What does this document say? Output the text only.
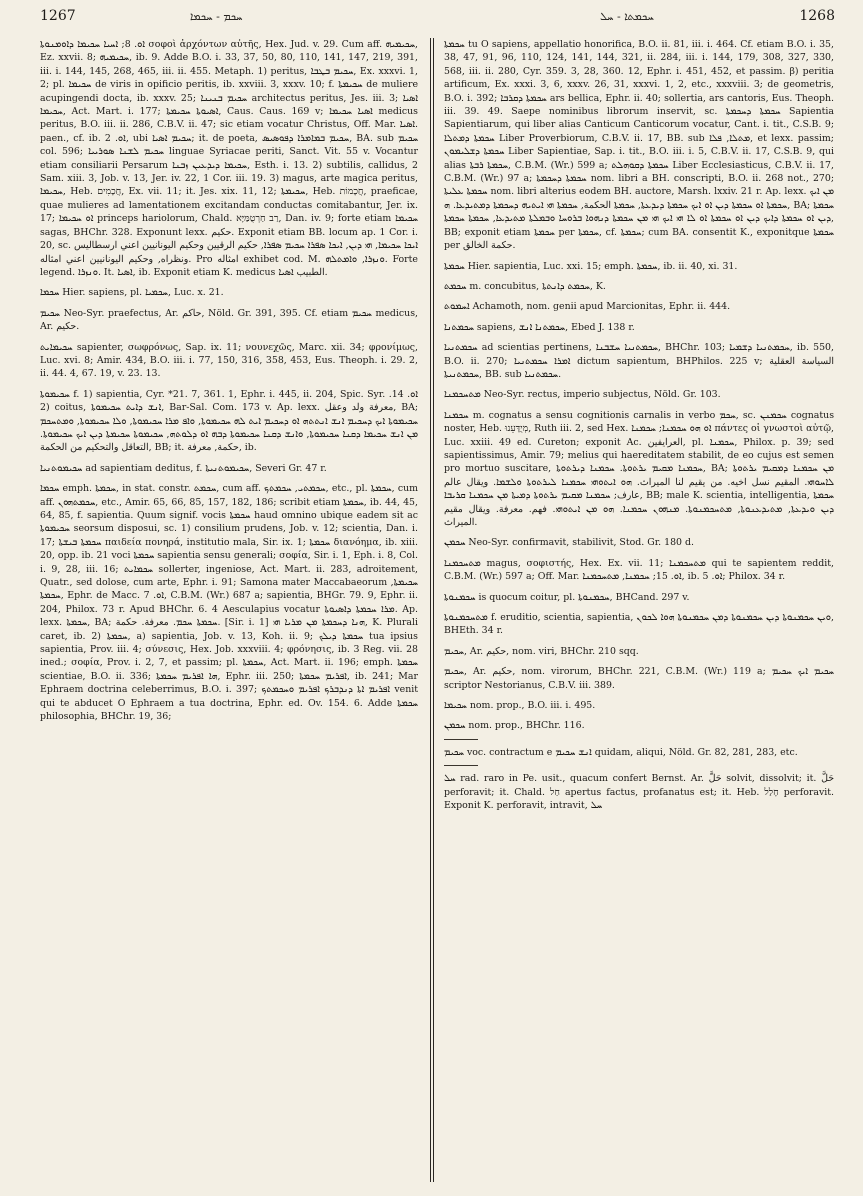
1267	ܚܟܡ - ܚܟܡܐ	ܚܟܡܬܐ - ܚܠ	1268

ܐܘ. 8; ܐܚܝܐ ܚܟܝܡܐ ܕܐܘܡܢܘܬܐ σοφοὶ ἀρχόντων αὐτῆς, Hex. Jud. v. 29. Cum aff. ܚܟܝܡܝܗ, Ez. xxvii. 8; ܚܟܝܡܝܗ, ib. 9. Adde B.O. i. 33, 37, 50, 80, 110, 141, 147, 219, 391, iii. i. 144, 145, 268, 465, iii. ii. 455. Metaph. 1) peritus, ܚܟܝܡ ܒܛܒܐ, Ex. xxxvi. 1, 2; pl. ܚܟܝܡܐ de viris in opificio peritis, ib. xxviii. 3, xxxv. 10; f. ܚܟܝܡܬܐ de muliere acupingendi docta, ib. xxxv. 25; ܚܟܝܡ ܒܢܝܢܐ architectus peritus, Jes. iii. 3; ܐܣܝܐ ܚܟܝܡܐ, Act. Mart. i. 177; ܐܣܝܘܬܐ ܚܟܝܡܬܐ, Caus. Caus. 169 v; ܐܣܝܐ ܚܟܝܡܐ medicus peritus, B.O. iii. ii. 286, C.B.V. ii. 47; sic etiam vocatur Christus, Off. Mar. ܐܣܝܐ. paen., cf. ib. ܐܘ. 2, ubi ܚܟܝܡ ܐܣܝܐ; it. de poeta, ܚܟܝܡ ܒܡܐܡܪܐ ܕܦܘܣܝܣ, BA. sub ܚܟܝܡ col. 596; ܚܟܝܡ ܠܫܢܐ ܣܘܪܝܝܐ linguae Syriacae periti, Sanct. Vit. 55 v. Vocantur etiam consiliarii Persarum ܚܟܝܡܐ ܕܝܕܥܝܢ ܙܒܢܐ, Esth. i. 13. 2) subtilis, callidus, 2 Sam. xiii. 3, Job. v. 13, Jer. iv. 22, 1 Cor. iii. 19. 3) magus, arte magica peritus, ܚܟܝܡܐ, Heb. חֲכָמִים, Ex. vii. 11; it. Jes. xix. 11, 12; ܚܟܝܡܬܐ, Heb. חֲכָמוֹת, praeficae, quae mulieres ad lamentationem excitandam conductas comitabantur, Jer. ix. 17; ܐܘ ܚܟܝܡܐ princeps hariolorum, Chald. רַב חַרְטֻמַּיָּא, Dan. iv. 9; forte etiam ܚܟܝܡܐ sagas, BHChr. 328. Exponunt lexx. حكيم. Exponit etiam BB. locum ap. 1 Cor. i. 20, sc. ܐܝܟܐ ܚܟܝܡܐ, ܗܝ ܕܝܢ, ܐܝܟܐ ܣܦܪܐ ܚܟܝܡ ܣܦܪܐ, حكيم الرقيين وحكيم اليونانيين اعني ارسطاليس ونظراه, وحكيم اليونانيين اعني امثاله. Pro امثاله exhibet cod. M. ܘܢܙܪܐ, ܘܐܡܬܠܗ. Forte legend. ܘܢܙܪܐ. It. ܐܣܝܐ, ib. Exponit etiam K. medicus الطبيب ܐܣܝܐ.

ܚܟܡܐ Hier. sapiens, pl. ܚܟܡܝܐ, Luc. x. 21.

ܚܟܝܡ Neo-Syr. praefectus, Ar. حاكم, Nöld. Gr. 391, 395. Cf. etiam ܚܟܝܡ medicus, Ar. حكيم.

ܚܟܝܡܐܝܬ sapienter, σωφρόνως, Sap. ix. 11; νουνεχῶς, Marc. xii. 34; φρονίμως, Luc. xvi. 8; Amir. 434, B.O. iii. i. 77, 150, 316, 358, 453, Eus. Theoph. i. 29. 2, ii. 44. 4, 67. 19, v. 23. 13.

ܚܟܝܡܘܬܐ f. 1) sapientia, Cyr. *21. 7, 361. 1, Ephr. i. 445, ii. 204, Spic. Syr. ܐܘ. 14. 2) coitus, ܐܢܫ ܕܐܝܬ ܚܟܝܡܘܬܐ, Bar-Sal. Com. 173 v. Ap. lexx. معرفة ولد وعقل, BA; ܚܟܝܡܘܬܐ ܐܝܟ ܕܚܟܝܡ ܐܢܫ ܐܢܬܬܗ ܐܘ ܕܚܟܝܡ ܐܝܬ ܠܗ ܚܟܝܡܘܬܐ, ܘܐܦ ܡܪܐ ܚܟܝܡܘܬܐ, ܘܠܐ ܚܟܝܡܘܬܐ, ܘܡܬܚܟܡ ܡܢ ܐܢܫ ܚܟܝܡܐ ܕܩܢܐ ܚܟܝܡܘܬܐ, ܘܐܢܫ ܕܩܢܐ ܚܟܝܡܘܬܐ ܕܒܗ ܐܘ ܕܠܘܬܗ, ܚܟܝܡܘܬܐ ܚܟܝܡܬܐ ܕܝܢ ܐܝܟ ܚܟܝܡܘܬܐ. التعاقل والتحكيم من الحكمة, BB; it. حكمة, معرفة, ib.

ܚܟܝܡܘܬܢܝܐ ad sapientiam deditus, f. ܚܟܝܡܘܬܢܝܬܐ, Severi Gr. 47 r.

ܚܟܡܐ emph. ܚܟܡܬܐ, in stat. constr. ܚܟܡܬ, cum aff. ܚܟܡܬܝ, ܚܟܡܬܟ, etc., pl. ܚܟܡܬܐ, cum aff. ܚܟܡܬܗܘܢ, etc., Amir. 65, 66, 85, 157, 182, 186; scribit etiam ܚܟܡܬܐ, ib. 44, 45, 64, 85, f. sapientia. Quum signif. vocis ܚܟܡܬܐ haud omnino ubique eadem sit ac ܚܟܝܡܘܬܐ seorsum disposui, sc. 1) consilium prudens, Job. v. 12; scientia, Dan. i. 17; ܚܟܡܬܐ ܒܝܫܬܐ παιδεία πονηρά, institutio mala, Sir. ix. 1; ܚܟܡܬܐ διανόημα, ib. xiii. 20, opp. ib. 21 voci ܚܟܡܬܐ sapientia sensu generali; σοφία, Sir. i. 1, Eph. i. 8, Col. i. 9, 28, iii. 16; ܚܟܡܐܝܬ sollerter, ingeniose, Act. Mart. ii. 283, adroitement, Quatr., sed dolose, cum arte, Ephr. i. 91; Samona mater Maccabaeorum ܚܟܝܡܬܐ, ܚܟܡܬܐ, Ephr. de Macc. ܐܘ. 7, C.B.M. (Wr.) 687 a; sapientia, BHGr. 79. 9, Ephr. ii. 204, Philox. 73 r. Apud BHChr. 6. 4 Aesculapius vocatur ܡܪܐ ܚܟܡܬܐ ܕܐܣܝܘܬܐ. Ap. lexx. ܚܟܡܬܐ, BA; ܚܟܡܬܐ ܚܟܡ. معرفة. حكمة. [Sir. i. 1] ܗܢܐ ܕܚܟܡܬܐ ܡܢ ܡܪܝܐ ܗܝ, K. Plurali caret, ib. 2) ܚܟܡܬܐ, a) sapientia, Job. v. 13, Koh. ii. 9; ܚܟܡܬܐ ܕܝܠܟ tua ipsius sapientia, Prov. iii. 4; σύνεσις, Hex. Job. xxxviii. 4; φρόνησις, ib. 3 Reg. vii. 28 ined.; σοφία, Prov. i. 2, 7, et passim; pl. ܚܟܡܬܐ, Act. Mart. ii. 196; emph. ܚܟܡܬܐ scientiae, B.O. ii. 336; ܗܐ ܐܦܪܝܡ ܚܟܡܬܐ, Ephr. iii. 250; ܐܦܪܝܡ ܚܟܡܬܐ, ib. 241; Mar Ephraem doctrina celeberrimus, B.O. i. 397; ܐܦܪܝܡ ܐܬܐ ܕܢܕܒܪܟ ܐܦܪܝܡ ܘܚܟܡܬܟ venit qui te abducet O Ephraem a tua doctrina, Ephr. ed. Ov. 154. 6. Adde ܚܟܡܬܐ philosophia, BHChr. 19, 36;

ܚܟܡܬܐ tu O sapiens, appellatio honorifica, B.O. ii. 81, iii. i. 464. Cf. etiam B.O. i. 35, 38, 47, 91, 96, 110, 124, 141, 144, 321, ii. 284, iii. i. 144, 179, 308, 327, 330, 568, iii. ii. 280, Cyr. 359. 3, 28, 360. 12, Ephr. i. 451, 452, et passim. β) peritia artificum, Ex. xxxi. 3, 6, xxxv. 26, 31, xxxvi. 1, 2, etc., xxxviii. 3; de geometris, B.O. i. 392; ܚܟܡܬܐ ܕܩܪܒܐ ars bellica, Ephr. ii. 40; sollertia, ars cantoris, Eus. Theoph. iii. 39. 49. Saepe nominibus librorum inservit, sc. ܚܟܡܬܐ ܕܚܟܡܬܐ Sapientia Sapientiarum, qui liber alias Canticum Canticorum vocatur, Cant. i. tit., C.S.B. 9; ܚܟܡܬܐ ܕܡܬܠܐ Liber Proverbiorum, C.B.V. ii. 17, BB. sub ܡܬܠܐ, ܦܠܐ, et lexx. passim; ܚܟܡܬܐ ܕܫܠܝܡܘܢ Liber Sapientiae, Sap. i. tit., B.O. iii. i. 5, C.B.V. ii. 17, C.S.B. 9, qui alias ܚܟܡܬܐ ܪܒܬܐ, C.B.M. (Wr.) 599 a; ܚܟܡܬܐ ܕܩܘܗܠܬ Liber Ecclesiasticus, C.B.V. ii. 17, C.B.M. (Wr.) 97 a; ܚܟܡܬܐ ܕܚܟܡܬܐ nom. libri a BH. conscripti, B.O. ii. 268 not., 270; ܚܟܡܬܐ ܥܠܝܬܐ nom. libri alterius eodem BH. auctore, Marsh. lxxiv. 21 r. Ap. lexx. ܡܢ ܐܝܟ ܚܟܡܬܐ ܐܘ ܚܟܡܬܐ ܕܝܢ ܐܘ ܐܝܟ ܚܟܡܬܐ ܕܝܕܥܬܐ, ܚܟܡܬܐ الحكمة, ܚܟܡܬܐ ܗܝ ܐܝܬܝܗ ܕܚܟܡܬܐ ܕܡܬܝܕܥܐ. ܗ, BA; ܚܟܡܬܐ ܕܝܢ ܐܘ ܚܟܡܬܐ ܕܐܝܟ ܕܝܢ ܐܘ ܚܟܡܬܐ ܐܘ ܠܐ ܗܝ ܐܝܟ ܗܝ ܡܢ ܚܟܡܬܐ ܕܢܗܘܐ ܒܪܘܚܐ ܘܒܡܠܬܐ ܡܬܝܕܥܐ, ܚܟܡܬܐ ܚܟܡܬܐ, BB; exponit etiam ܚܟܡܬܐ per ܚܟܡܬܐ, cf. ܚܟܡܬܐ; cum BA. consentit K., exponitque ܚܟܡܬܐ per حكمة الخالق.

ܚܟܡܬܐ Hier. sapientia, Luc. xxi. 15; emph. ܚܟܡܬܐ, ib. ii. 40, xi. 31.

ܚܟܡܬ m. concubitus, ܚܟܡܬ ܕܐܢܬܬܐ, K.

ܐܚܡܘܬ Achamoth, nom. genii apud Marcionitas, Ephr. ii. 444.

ܚܟܡܬܢܐ sapiens, ܚܟܡܬܢܐ ܐܢܫ, Ebed J. 138 r.

ܚܟܡܬܢܝܐ ad scientias pertinens, ܚܟܡܬܢܝܐ ܚܫܒܢܐ, BHChr. 103; ܚܟܡܬܢܝܐ ܕܫܡܝܐ, ib. 550, B.O. ii. 270; ܐܡܪܐ ܚܟܡܬܢܝܐ dictum sapientum, BHPhilos. 225 v; السياسة العقلية ܚܟܡܬܢܝܬܐ, BB. sub ܚܟܡܬܢܝܐ.

ܡܬܚܟܡܢܐ Neo-Syr. rectus, imperio subjectus, Nöld. Gr. 103.

ܚܟܡܢܐ m. cognatus a sensu cognitionis carnalis in verbo ܚܟܡ, sc. ܚܟܡܢܢ cognatus noster, Heb. מְיֻדָּעֵנוּ, Ruth iii. 2, sed Hex. ܐܘ ܗܘ ܚܟܡܢܐ; ܚܟܡܢܐ πάντες οἱ γνωστοὶ αὐτῷ, Luc. xxiii. 49 ed. Cureton; exponit Ac. العرايفين, pl. ܚܟܡܢܐ, Philox. p. 39; sed sapientissimus, Amir. 79; melius qui haereditatem stabilit, de eo cujus est semen pro mortuo suscitare, ܚܟܡܢܐ ܡܩܝܡ ܝܪܬܘܬܐ. ܚܟܡܢܐ ܕܝܪܬܘܬܐ, BA; ܡܢ ܚܟܡܢܐ ܕܡܩܝܡ ܝܪܬܘܬܐ ܠܐܚܘܗܝ. المقيم نسل اخيه. من يقيم لنا الميراث. ܗܘ ܐܝܬܘܗܝ ܚܟܡܢܐ ܠܝܪܬܘܬܐ ܘܠܫܡܐ. ويقال عالم عارف; ܚܟܡܢܐ ܡܩܝܡ ܝܪܬܘܬܐ ܕܡܝܬܐ ܡܢ ܚܟܡܢܐ ܩܪܝܒܐ, BB; male K. scientia, intelligentia, ܚܟܡܬܐ ܕܝܢ ܘܝܕܥܬܐ, ܡܬܝܕܥܢܘܬܐ, ܡܬܚܟܡܢܘܬܐ. ܡܢܗܘܢ ܚܟܡܢܐ. ܗܘ ܡܢ ܐܝܬܘܗܝ. فهم. معرفة. ويقال مقيم الميراث.

ܚܟܡܢ Neo-Syr. confirmavit, stabilivit, Stod. Gr. 180 d.

ܡܬܚܟܡܢܐ magus, σοφιστής, Hex. Ex. vii. 11; ܡܬܚܟܡܢܐ qui te sapientem reddit, C.B.M. (Wr.) 597 a; Off. Mar. ܐܘ. 15; ܚܟܡܢܐ, ܡܬܚܟܡܢܐ, ib. ܐܘ. 5; Philox. 34 r.

ܚܟܡܢܘܬܐ is quocum coitur, pl. ܚܟܡܢܘܬܐ, BHCand. 297 v.

ܡܬܚܟܡܢܘܬܐ f. eruditio, scientia, sapientia, ܘܝܢ ܚܟܡܢܘܬܐ ܕܝܢ ܚܟܡܢܘܬܐ ܕܡܢ ܚܟܡܢܘܬܐ ܗܘܐ ܠܟܘܢ, BHEth. 34 r.

ܚܟܝܡ, Ar. حكيم, nom. viri, BHChr. 210 sqq.

ܚܟܝܡ, Ar. حكيم, nom. virorum, BHChr. 221, C.B.M. (Wr.) 119 a; ܚܟܝܡ ܐܝܟ ܚܟܝܡ scriptor Nestorianus, C.B.V. iii. 389.

ܚܟܝܡܐ nom. prop., B.O. iii. i. 495.

ܚܟܡܢ nom. prop., BHChr. 116.

ܚܟܝܡ voc. contractum e ܐܢܫ ܚܟܝܡ quidam, aliqui, Nöld. Gr. 82, 281, 283, etc.

ܚܠ rad. raro in Pe. usit., quacum confert Bernst. Ar. حَلَّ solvit, dissolvit; it. حَلَّ perforavit; it. Chald. חַל apertus factus, profanatus est; it. Heb. חָלַל perforavit. Exponit K. perforavit, intravit, ܚܠ
